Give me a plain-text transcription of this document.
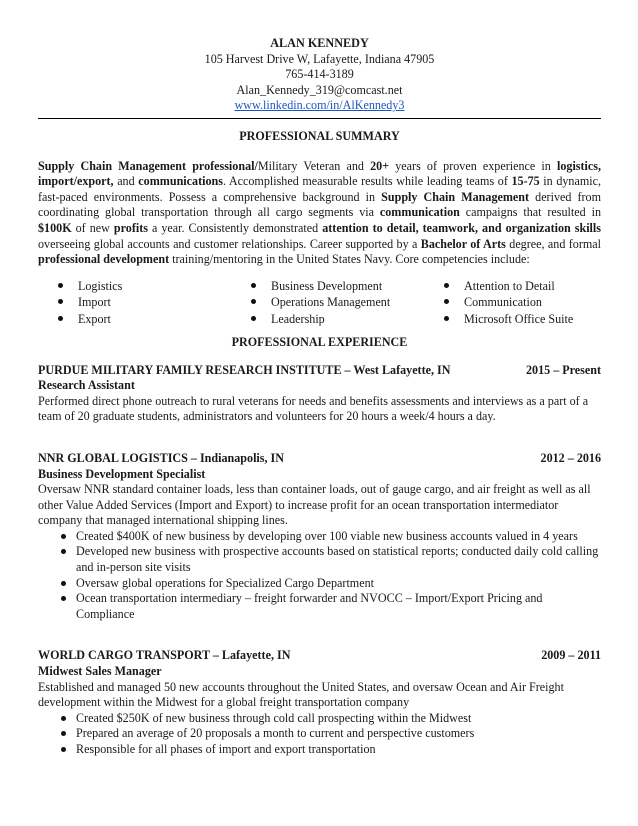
ALAN KENNEDY
105 Harvest Drive W, Lafayette, Indiana 47905
765-414-3189
Alan_Kennedy_319@comcast.net
www.linkedin.com/in/AlKennedy3
PROFESSIONAL SUMMARY
Supply Chain Management professional/Military Veteran and 20+ years of proven experience in logistics, import/export, and communications. Accomplished measurable results while leading teams of 15-75 in dynamic, fast-paced environments. Possess a comprehensive background in Supply Chain Management derived from coordinating global transportation through all cargo segments via communication campaigns that resulted in $100K of new profits a year. Consistently demonstrated attention to detail, teamwork, and organization skills overseeing global accounts and customer relationships. Career supported by a Bachelor of Arts degree, and formal professional development training/mentoring in the United States Navy. Core competencies include:
Logistics
Import
Export
Business Development
Operations Management
Leadership
Attention to Detail
Communication
Microsoft Office Suite
PROFESSIONAL EXPERIENCE
PURDUE MILITARY FAMILY RESEARCH INSTITUTE – West Lafayette, IN	2015 – Present
Research Assistant
Performed direct phone outreach to rural veterans for needs and benefits assessments and interviews as a part of a team of 20 graduate students, administrators and volunteers for 20 hours a week/4 hours a day.
NNR GLOBAL LOGISTICS – Indianapolis, IN	2012 – 2016
Business Development Specialist
Oversaw NNR standard container loads, less than container loads, out of gauge cargo, and air freight as well as all other Value Added Services (Import and Export) to increase profit for an ocean transportation intermediator company that managed international shipping lines.
Created $400K of new business by developing over 100 viable new business accounts valued in 4 years
Developed new business with prospective accounts based on statistical reports; conducted daily cold calling and in-person site visits
Oversaw global operations for Specialized Cargo Department
Ocean transportation intermediary – freight forwarder and NVOCC – Import/Export Pricing and Compliance
WORLD CARGO TRANSPORT – Lafayette, IN	2009 – 2011
Midwest Sales Manager
Established and managed 50 new accounts throughout the United States, and oversaw Ocean and Air Freight development within the Midwest for a global freight transportation company
Created $250K of new business through cold call prospecting within the Midwest
Prepared an average of 20 proposals a month to current and perspective customers
Responsible for all phases of import and export transportation
